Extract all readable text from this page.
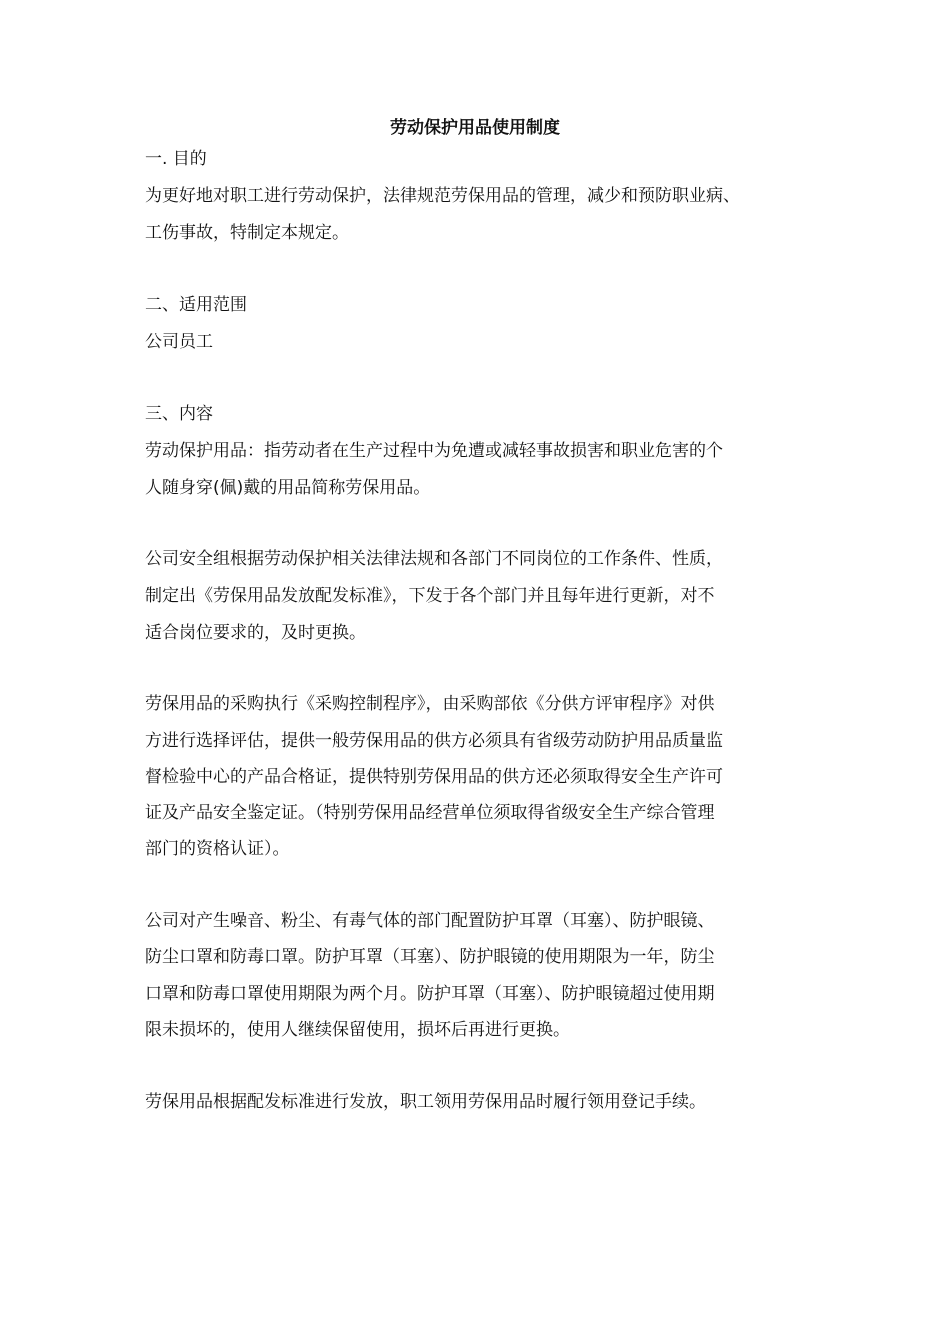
劳动保护用品使用制度
一. 目的
为更好地对职工进行劳动保护，法律规范劳保用品的管理，减少和预防职业病、
工伤事故，特制定本规定。
二、适用范围
公司员工
三、内容
劳动保护用品：指劳动者在生产过程中为免遭或减轻事故损害和职业危害的个
人随身穿(佩)戴的用品简称劳保用品。
公司安全组根据劳动保护相关法律法规和各部门不同岗位的工作条件、性质，
制定出《劳保用品发放配发标准》，下发于各个部门并且每年进行更新，对不
适合岗位要求的，及时更换。
劳保用品的采购执行《采购控制程序》，由采购部依《分供方评审程序》对供
方进行选择评估，提供一般劳保用品的供方必须具有省级劳动防护用品质量监
督检验中心的产品合格证，提供特别劳保用品的供方还必须取得安全生产许可
证及产品安全鉴定证。（特别劳保用品经营单位须取得省级安全生产综合管理
部门的资格认证）。
公司对产生噪音、粉尘、有毒气体的部门配置防护耳罩（耳塞）、防护眼镜、
防尘口罩和防毒口罩。防护耳罩（耳塞）、防护眼镜的使用期限为一年，防尘
口罩和防毒口罩使用期限为两个月。防护耳罩（耳塞）、防护眼镜超过使用期
限未损坏的，使用人继续保留使用，损坏后再进行更换。
劳保用品根据配发标准进行发放，职工领用劳保用品时履行领用登记手续。
